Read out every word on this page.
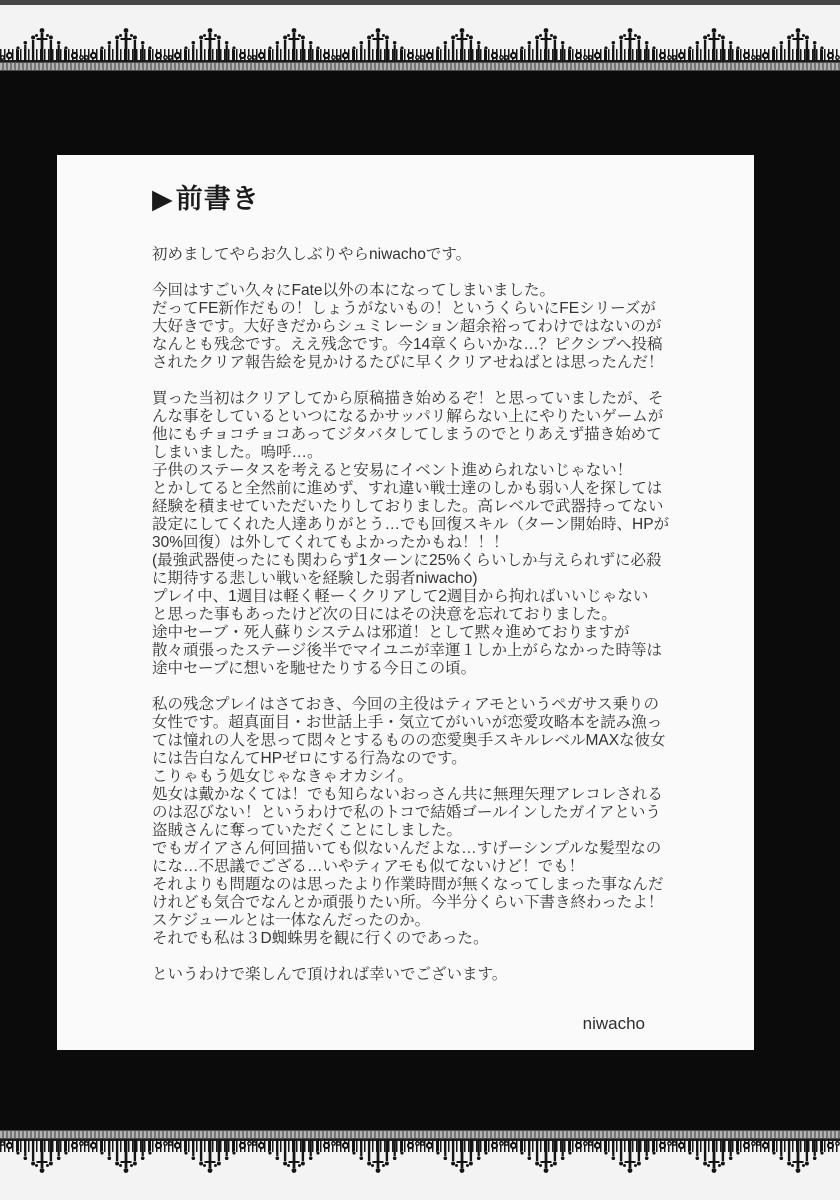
▶前書き

初めましてやらお久しぶりやらniwachoです。

今回はすごい久々にFate以外の本になってしまいました。
だってFE新作だもの！しょうがないもの！というくらいにFEシリーズが
大好きです。大好きだからシュミレーション超余裕ってわけではないのが
なんとも残念です。ええ残念です。今14章くらいかな…？ピクシブへ投稿
されたクリア報告絵を見かけるたびに早くクリアせねばとは思ったんだ！

買った当初はクリアしてから原稿描き始めるぞ！と思っていましたが、そ
んな事をしているといつになるかサッパリ解らない上にやりたいゲームが
他にもチョコチョコあってジタバタしてしまうのでとりあえず描き始めて
しまいました。嗚呼…。
子供のステータスを考えると安易にイベント進められないじゃない！
とかしてると全然前に進めず、すれ違い戦士達のしかも弱い人を探しては
経験を積ませていただいたりしておりました。高レベルで武器持ってない
設定にしてくれた人達ありがとう…でも回復スキル（ターン開始時、HPが
30%回復）は外してくれてもよかったかもね！！！
(最強武器使ったにも関わらず1ターンに25%くらいしか与えられずに必殺
に期待する悲しい戦いを経験した弱者niwacho)
プレイ中、1週目は軽く軽ーくクリアして2週目から拘ればいいじゃない
と思った事もあったけど次の日にはその決意を忘れておりました。
途中セーブ・死人蘇りシステムは邪道！として黙々進めておりますが
散々頑張ったステージ後半でマイユニが幸運１しか上がらなかった時等は
途中セーブに想いを馳せたりする今日この頃。

私の残念プレイはさておき、今回の主役はティアモというペガサス乗りの
女性です。超真面目・お世話上手・気立てがいいが恋愛攻略本を読み漁っ
ては憧れの人を思って悶々とするものの恋愛奥手スキルレベルMAXな彼女
には告白なんてHPゼロにする行為なのです。
こりゃもう処女じゃなきゃオカシイ。
処女は戴かなくては！でも知らないおっさん共に無理矢理アレコレされる
のは忍びない！というわけで私のトコで結婚ゴールインしたガイアという
盗賊さんに奪っていただくことにしました。
でもガイアさん何回描いても似ないんだよな…すげーシンプルな髪型なの
にな…不思議でござる…いやティアモも似てないけど！でも！
それよりも問題なのは思ったより作業時間が無くなってしまった事なんだ
けれども気合でなんとか頑張りたい所。今半分くらい下書き終わったよ！
スケジュールとは一体なんだったのか。
それでも私は３D蜘蛛男を観に行くのであった。

というわけで楽しんで頂ければ幸いでございます。

niwacho
